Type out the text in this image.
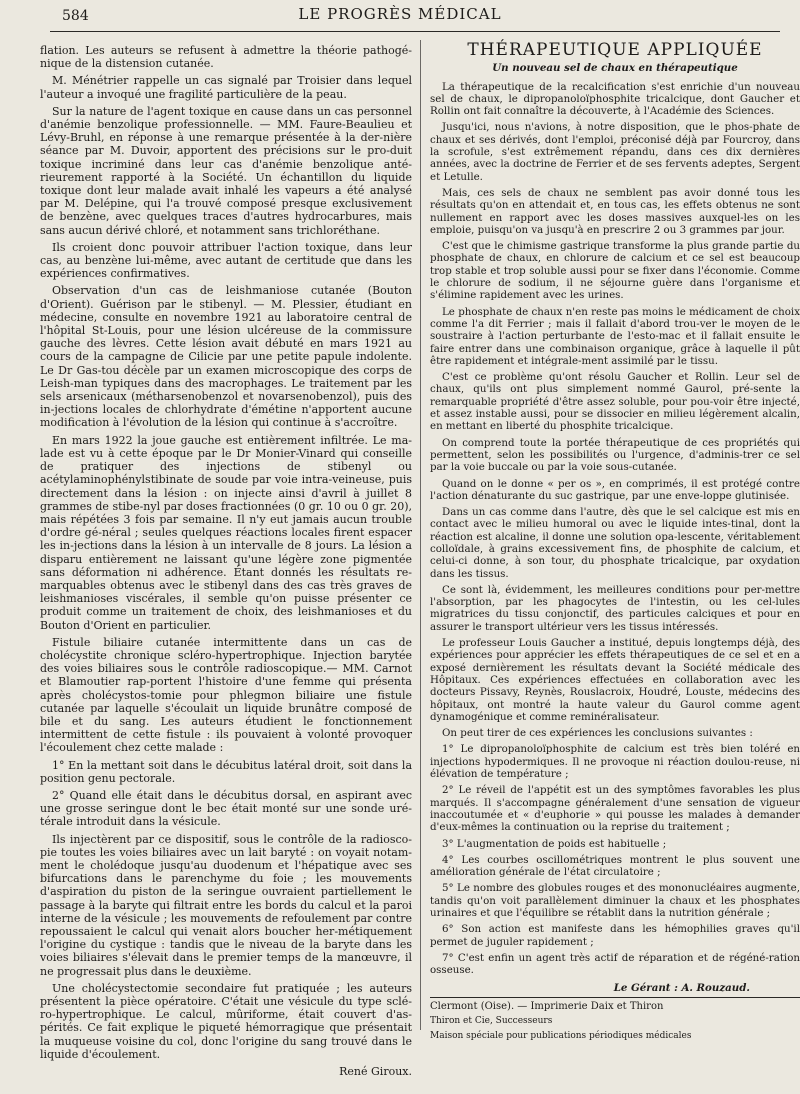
584	LE PROGRÈS MÉDICAL

flation. Les auteurs se refusent à admettre la théorie pathogé-nique de la distension cutanée.

M. Ménétrier rappelle un cas signalé par Troisier dans lequel l'auteur a invoqué une fragilité particulière de la peau.

Sur la nature de l'agent toxique en cause dans un cas personnel d'anémie benzolique professionnelle. — MM. Faure-Beaulieu et Lévy-Bruhl, en réponse à une remarque présentée à la der-nière séance par M. Duvoir, apportent des précisions sur le pro-duit toxique incriminé dans leur cas d'anémie benzolique anté-rieurement rapporté à la Société. Un échantillon du liquide toxique dont leur malade avait inhalé les vapeurs a été analysé par M. Delépine, qui l'a trouvé composé presque exclusivement de benzène, avec quelques traces d'autres hydrocarbures, mais sans aucun dérivé chloré, et notamment sans trichloréthane.

Ils croient donc pouvoir attribuer l'action toxique, dans leur cas, au benzène lui-même, avec autant de certitude que dans les expériences confirmatives.

Observation d'un cas de leishmaniose cutanée (Bouton d'Orient). Guérison par le stibenyl. — M. Plessier, étudiant en médecine, consulte en novembre 1921 au laboratoire central de l'hôpital St-Louis, pour une lésion ulcéreuse de la commissure gauche des lèvres. Cette lésion avait débuté en mars 1921 au cours de la campagne de Cilicie par une petite papule indolente. Le Dr Gas-tou décèle par un examen microscopique des corps de Leish-man typiques dans des macrophages. Le traitement par les sels arsenicaux (métharsenobenzol et novarsenobenzol), puis des in-jections locales de chlorhydrate d'émétine n'apportent aucune modification à l'évolution de la lésion qui continue à s'accroître.

En mars 1922 la joue gauche est entièrement infiltrée. Le ma-lade est vu à cette époque par le Dr Monier-Vinard qui conseille de pratiquer des injections de stibenyl ou acétylaminophénylstibinate de soude par voie intra-veineuse, puis directement dans la lésion : on injecte ainsi d'avril à juillet 8 grammes de stibe-nyl par doses fractionnées (0 gr. 10 ou 0 gr. 20), mais répétées 3 fois par semaine. Il n'y eut jamais aucun trouble d'ordre gé-néral ; seules quelques réactions locales firent espacer les in-jections dans la lésion à un intervalle de 8 jours. La lésion a disparu entièrement ne laissant qu'une légère zone pigmentée sans déformation ni adhérence. Étant donnés les résultats re-marquables obtenus avec le stibenyl dans des cas très graves de leishmanioses viscérales, il semble qu'on puisse présenter ce produit comme un traitement de choix, des leishmanioses et du Bouton d'Orient en particulier.

Fistule biliaire cutanée intermittente dans un cas de cholécystite chronique scléro-hypertrophique. Injection barytée des voies biliaires sous le contrôle radioscopique.— MM. Carnot et Blamoutier rap-portent l'histoire d'une femme qui présenta après cholécystos-tomie pour phlegmon biliaire une fistule cutanée par laquelle s'écoulait un liquide brunâtre composé de bile et du sang. Les auteurs étudient le fonctionnement intermittent de cette fistule : ils pouvaient à volonté provoquer l'écoulement chez cette malade :

1° En la mettant soit dans le décubitus latéral droit, soit dans la position genu pectorale.

2° Quand elle était dans le décubitus dorsal, en aspirant avec une grosse seringue dont le bec était monté sur une sonde uré-térale introduit dans la vésicule.

Ils injectèrent par ce dispositif, sous le contrôle de la radiosco-pie toutes les voies biliaires avec un lait baryté : on voyait notam-ment le cholédoque jusqu'au duodenum et l'hépatique avec ses bifurcations dans le parenchyme du foie ; les mouvements d'aspiration du piston de la seringue ouvraient partiellement le passage à la baryte qui filtrait entre les bords du calcul et la paroi interne de la vésicule ; les mouvements de refoulement par contre repoussaient le calcul qui venait alors boucher her-métiquement l'origine du cystique : tandis que le niveau de la baryte dans les voies biliaires s'élevait dans le premier temps de la manœuvre, il ne progressait plus dans le deuxième.

Une cholécystectomie secondaire fut pratiquée ; les auteurs présentent la pièce opératoire. C'était une vésicule du type sclé-ro-hypertrophique. Le calcul, mûriforme, était couvert d'as-pérités. Ce fait explique le piqueté hémorragique que présentait la muqueuse voisine du col, donc l'origine du sang trouvé dans le liquide d'écoulement.

René Giroux.
THÉRAPEUTIQUE APPLIQUÉE
Un nouveau sel de chaux en thérapeutique

La thérapeutique de la recalcification s'est enrichie d'un nouveau sel de chaux, le dipropanoloïphosphite tricalcique, dont Gaucher et Rollin ont fait connaître la découverte, à l'Académie des Sciences.

Jusqu'ici, nous n'avions, à notre disposition, que le phos-phate de chaux et ses dérivés, dont l'emploi, préconisé déjà par Fourcroy, dans la scrofule, s'est extrêmement répandu, dans ces dix dernières années, avec la doctrine de Ferrier et de ses fervents adeptes, Sergent et Letulle.

Mais, ces sels de chaux ne semblent pas avoir donné tous les résultats qu'on en attendait et, en tous cas, les effets obtenus ne sont nullement en rapport avec les doses massives auxquel-les on les emploie, puisqu'on va jusqu'à en prescrire 2 ou 3 grammes par jour.

C'est que le chimisme gastrique transforme la plus grande partie du phosphate de chaux, en chlorure de calcium et ce sel est beaucoup trop stable et trop soluble aussi pour se fixer dans l'économie. Comme le chlorure de sodium, il ne séjourne guère dans l'organisme et s'élimine rapidement avec les urines.

Le phosphate de chaux n'en reste pas moins le médicament de choix comme l'a dit Ferrier ; mais il fallait d'abord trou-ver le moyen de le soustraire à l'action perturbante de l'esto-mac et il fallait ensuite le faire entrer dans une combinaison organique, grâce à laquelle il pût être rapidement et intégrale-ment assimilé par le tissu.

C'est ce problème qu'ont résolu Gaucher et Rollin. Leur sel de chaux, qu'ils ont plus simplement nommé Gaurol, pré-sente la remarquable propriété d'être assez soluble, pour pou-voir être injecté, et assez instable aussi, pour se dissocier en milieu légèrement alcalin, en mettant en liberté du phosphite tricalcique.

On comprend toute la portée thérapeutique de ces propriétés qui permettent, selon les possibilités ou l'urgence, d'adminis-trer ce sel par la voie buccale ou par la voie sous-cutanée.

Quand on le donne « per os », en comprimés, il est protégé contre l'action dénaturante du suc gastrique, par une enve-loppe glutinisée.

Dans un cas comme dans l'autre, dès que le sel calcique est mis en contact avec le milieu humoral ou avec le liquide intes-tinal, dont la réaction est alcaline, il donne une solution opa-lescente, véritablement colloïdale, à grains excessivement fins, de phosphite de calcium, et celui-ci donne, à son tour, du phosphate tricalcique, par oxydation dans les tissus.

Ce sont là, évidemment, les meilleures conditions pour per-mettre l'absorption, par les phagocytes de l'intestin, ou les cel-lules migratrices du tissu conjonctif, des particules calciques et pour en assurer le transport ultérieur vers les tissus intéressés.

Le professeur Louis Gaucher a institué, depuis longtemps déjà, des expériences pour apprécier les effets thérapeutiques de ce sel et en a exposé dernièrement les résultats devant la Société médicale des Hôpitaux. Ces expériences effectuées en collaboration avec les docteurs Pissavy, Reynès, Rouslacroix, Houdré, Louste, médecins des hôpitaux, ont montré la haute valeur du Gaurol comme agent dynamogénique et comme reminéralisateur.

On peut tirer de ces expériences les conclusions suivantes :

1° Le dipropanoloïphosphite de calcium est très bien toléré en injections hypodermiques. Il ne provoque ni réaction doulou-reuse, ni élévation de température ;

2° Le réveil de l'appétit est un des symptômes favorables les plus marqués. Il s'accompagne généralement d'une sensation de vigueur inaccoutumée et « d'euphorie » qui pousse les malades à demander d'eux-mêmes la continuation ou la reprise du traitement ;

3° L'augmentation de poids est habituelle ;

4° Les courbes oscillométriques montrent le plus souvent une amélioration générale de l'état circulatoire ;

5° Le nombre des globules rouges et des mononucléaires augmente, tandis qu'on voit parallèlement diminuer la chaux et les phosphates urinaires et que l'équilibre se rétablit dans la nutrition générale ;

6° Son action est manifeste dans les hémophilies graves qu'il permet de juguler rapidement ;

7° C'est enfin un agent très actif de réparation et de régéné-ration osseuse.

Le Gérant : A. Rouzaud.

Clermont (Oise). — Imprimerie Daix et Thiron

Thiron et Cie, Successeurs

Maison spéciale pour publications périodiques médicales
